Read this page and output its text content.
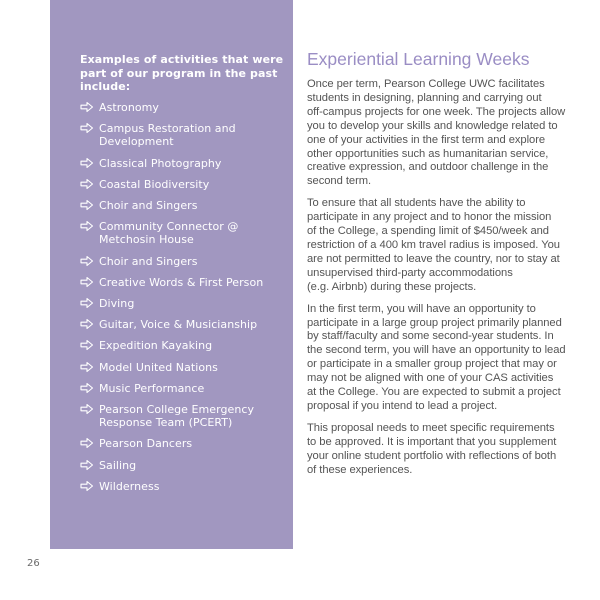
Examples of activities that were
part of our program in the past
include:
Astronomy
Campus Restoration and
Development
Classical Photography
Coastal Biodiversity
Choir and Singers
Community Connector @
Metchosin House
Choir and Singers
Creative Words & First Person
Diving
Guitar, Voice & Musicianship
Expedition Kayaking
Model United Nations
Music Performance
Pearson College Emergency
Response Team (PCERT)
Pearson Dancers
Sailing
Wilderness
Experiential Learning Weeks

Once per term, Pearson College UWC facilitates
students in designing, planning and carrying out
off-campus projects for one week. The projects allow
you to develop your skills and knowledge related to
one of your activities in the first term and explore
other opportunities such as humanitarian service,
creative expression, and outdoor challenge in the
second term.

To ensure that all students have the ability to
participate in any project and to honor the mission
of the College, a spending limit of $450/week and
restriction of a 400 km travel radius is imposed. You
are not permitted to leave the country, nor to stay at
unsupervised third-party accommodations
(e.g. Airbnb) during these projects.

In the first term, you will have an opportunity to
participate in a large group project primarily planned
by staff/faculty and some second-year students. In
the second term, you will have an opportunity to lead
or participate in a smaller group project that may or
may not be aligned with one of your CAS activities
at the College. You are expected to submit a project
proposal if you intend to lead a project.

This proposal needs to meet specific requirements
to be approved. It is important that you supplement
your online student portfolio with reflections of both
of these experiences.

26
